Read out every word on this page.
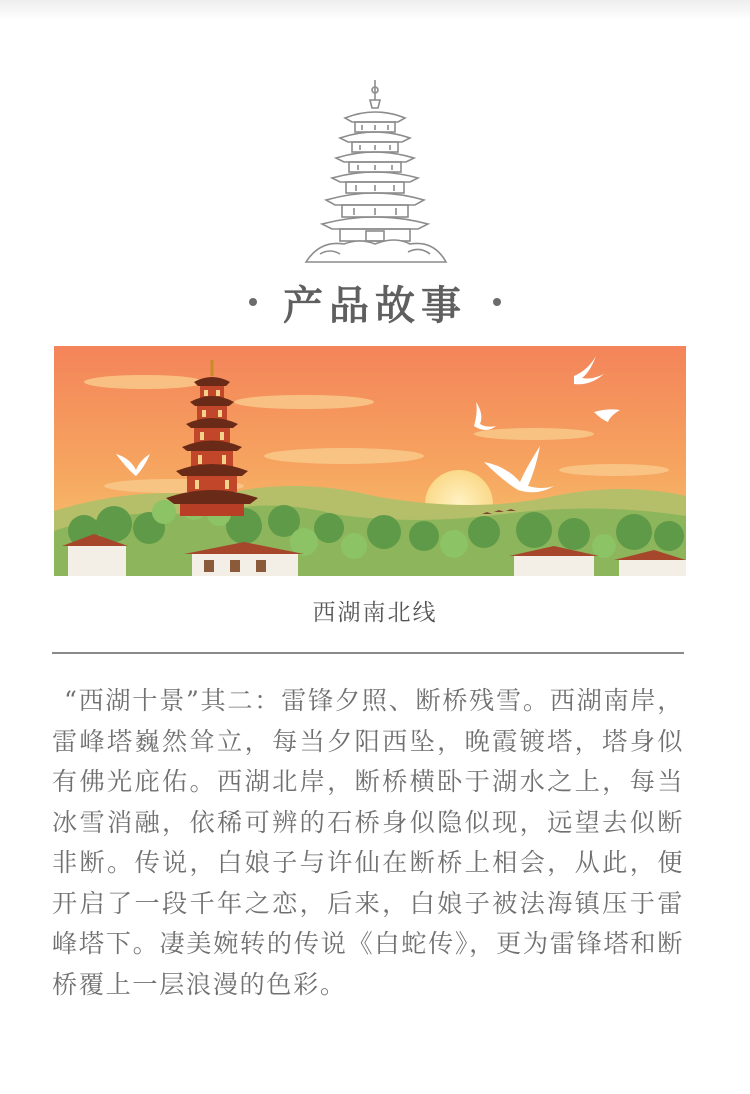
产品故事
西湖南北线
“西湖十景”其二：雷锋夕照、断桥残雪。西湖南岸，雷峰塔巍然耸立，每当夕阳西坠，晚霞镀塔，塔身似有佛光庇佑。西湖北岸，断桥横卧于湖水之上，每当冰雪消融，依稀可辨的石桥身似隐似现，远望去似断非断。传说，白娘子与许仙在断桥上相会，从此，便开启了一段千年之恋，后来，白娘子被法海镇压于雷峰塔下。凄美婉转的传说《白蛇传》，更为雷锋塔和断桥覆上一层浪漫的色彩。
